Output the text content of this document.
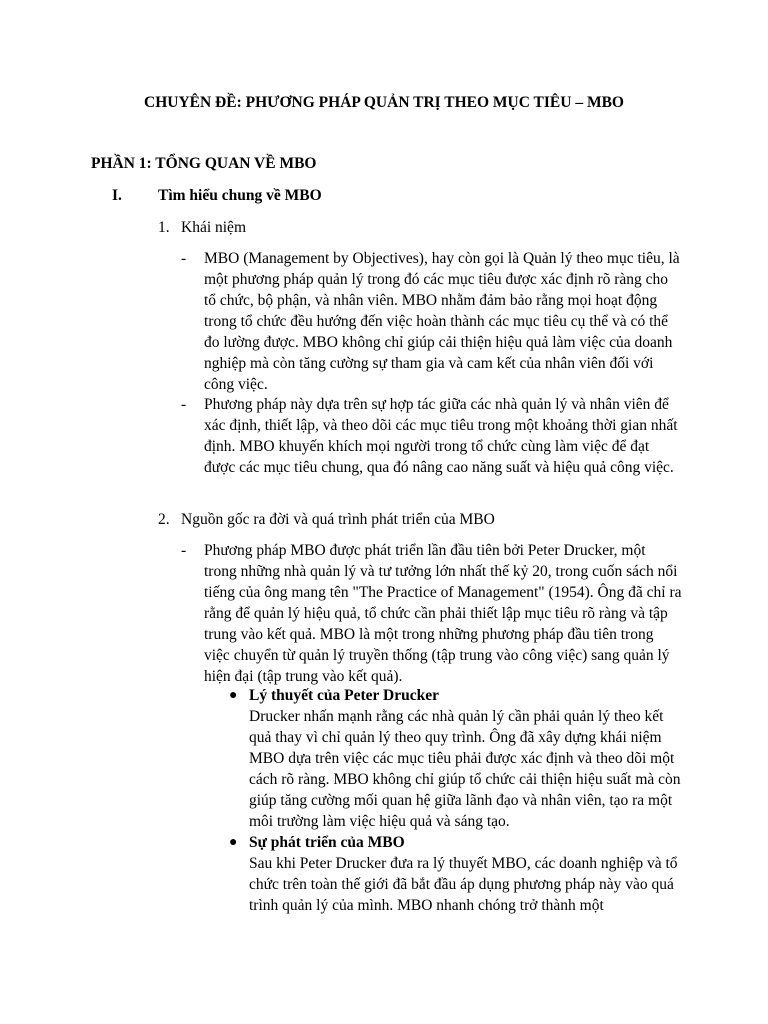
CHUYÊN ĐỀ: PHƯƠNG PHÁP QUẢN TRỊ THEO MỤC TIÊU – MBO
PHẦN 1: TỔNG QUAN VỀ MBO
I. Tìm hiểu chung về MBO
1. Khái niệm
- MBO (Management by Objectives), hay còn gọi là Quản lý theo mục tiêu, là một phương pháp quản lý trong đó các mục tiêu được xác định rõ ràng cho tổ chức, bộ phận, và nhân viên. MBO nhằm đảm bảo rằng mọi hoạt động trong tổ chức đều hướng đến việc hoàn thành các mục tiêu cụ thể và có thể đo lường được. MBO không chỉ giúp cải thiện hiệu quả làm việc của doanh nghiệp mà còn tăng cường sự tham gia và cam kết của nhân viên đối với công việc.
- Phương pháp này dựa trên sự hợp tác giữa các nhà quản lý và nhân viên để xác định, thiết lập, và theo dõi các mục tiêu trong một khoảng thời gian nhất định. MBO khuyến khích mọi người trong tổ chức cùng làm việc để đạt được các mục tiêu chung, qua đó nâng cao năng suất và hiệu quả công việc.
2. Nguồn gốc ra đời và quá trình phát triển của MBO
- Phương pháp MBO được phát triển lần đầu tiên bởi Peter Drucker, một trong những nhà quản lý và tư tưởng lớn nhất thế kỷ 20, trong cuốn sách nổi tiếng của ông mang tên "The Practice of Management" (1954). Ông đã chỉ ra rằng để quản lý hiệu quả, tổ chức cần phải thiết lập mục tiêu rõ ràng và tập trung vào kết quả. MBO là một trong những phương pháp đầu tiên trong việc chuyển từ quản lý truyền thống (tập trung vào công việc) sang quản lý hiện đại (tập trung vào kết quả).
● Lý thuyết của Peter Drucker
Drucker nhấn mạnh rằng các nhà quản lý cần phải quản lý theo kết quả thay vì chỉ quản lý theo quy trình. Ông đã xây dựng khái niệm MBO dựa trên việc các mục tiêu phải được xác định và theo dõi một cách rõ ràng. MBO không chỉ giúp tổ chức cải thiện hiệu suất mà còn giúp tăng cường mối quan hệ giữa lãnh đạo và nhân viên, tạo ra một môi trường làm việc hiệu quả và sáng tạo.
● Sự phát triển của MBO
Sau khi Peter Drucker đưa ra lý thuyết MBO, các doanh nghiệp và tổ chức trên toàn thế giới đã bắt đầu áp dụng phương pháp này vào quá trình quản lý của mình. MBO nhanh chóng trở thành một
